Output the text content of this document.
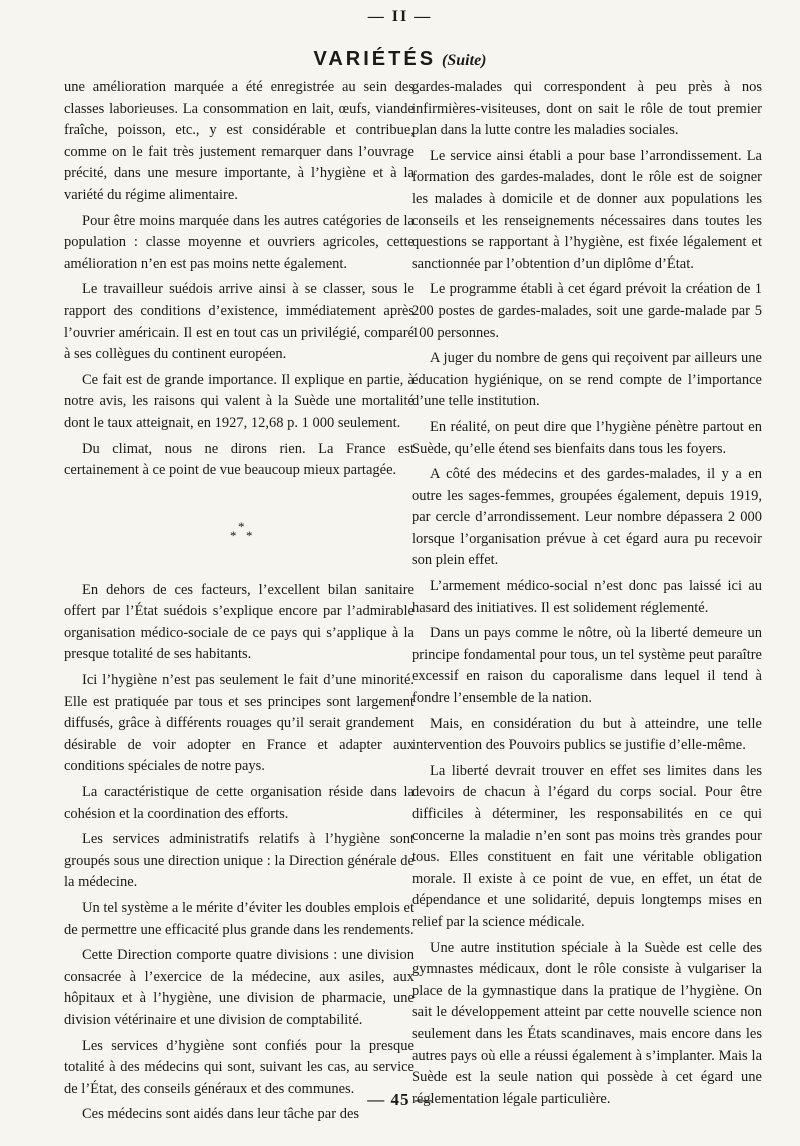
— II —
VARIÉTÉS (Suite)

une amélioration marquée a été enregistrée au sein des classes laborieuses. La consommation en lait, œufs, viande fraîche, poisson, etc., y est considérable et contribue, comme on le fait très justement remarquer dans l’ouvrage précité, dans une mesure importante, à l’hygiène et à la variété du régime alimentaire.

Pour être moins marquée dans les autres catégories de la population : classe moyenne et ouvriers agricoles, cette amélioration n’en est pas moins nette également.

Le travailleur suédois arrive ainsi à se classer, sous le rapport des conditions d’existence, immédiatement après l’ouvrier américain. Il est en tout cas un privilégié, comparé à ses collègues du continent européen.

Ce fait est de grande importance. Il explique en partie, à notre avis, les raisons qui valent à la Suède une mortalité dont le taux atteignait, en 1927, 12,68 p. 1 000 seulement.

Du climat, nous ne dirons rien. La France est certainement à ce point de vue beaucoup mieux partagée.

*
* *

En dehors de ces facteurs, l’excellent bilan sanitaire offert par l’État suédois s’explique encore par l’admirable organisation médico-sociale de ce pays qui s’applique à la presque totalité de ses habitants.

Ici l’hygiène n’est pas seulement le fait d’une minorité. Elle est pratiquée par tous et ses principes sont largement diffusés, grâce à différents rouages qu’il serait grandement désirable de voir adopter en France et adapter aux conditions spéciales de notre pays.

La caractéristique de cette organisation réside dans la cohésion et la coordination des efforts.

Les services administratifs relatifs à l’hygiène sont groupés sous une direction unique : la Direction générale de la médecine.

Un tel système a le mérite d’éviter les doubles emplois et de permettre une efficacité plus grande dans les rendements.

Cette Direction comporte quatre divisions : une division consacrée à l’exercice de la médecine, aux asiles, aux hôpitaux et à l’hygiène, une division de pharmacie, une division vétérinaire et une division de comptabilité.

Les services d’hygiène sont confiés pour la presque totalité à des médecins qui sont, suivant les cas, au service de l’État, des conseils généraux et des communes.

Ces médecins sont aidés dans leur tâche par des

gardes-malades qui correspondent à peu près à nos infirmières-visiteuses, dont on sait le rôle de tout premier plan dans la lutte contre les maladies sociales.

Le service ainsi établi a pour base l’arrondissement. La formation des gardes-malades, dont le rôle est de soigner les malades à domicile et de donner aux populations les conseils et les renseignements nécessaires dans toutes les questions se rapportant à l’hygiène, est fixée légalement et sanctionnée par l’obtention d’un diplôme d’État.

Le programme établi à cet égard prévoit la création de 1 200 postes de gardes-malades, soit une garde-malade par 5 100 personnes.

A juger du nombre de gens qui reçoivent par ailleurs une éducation hygiénique, on se rend compte de l’importance d’une telle institution.

En réalité, on peut dire que l’hygiène pénètre partout en Suède, qu’elle étend ses bienfaits dans tous les foyers.

A côté des médecins et des gardes-malades, il y a en outre les sages-femmes, groupées également, depuis 1919, par cercle d’arrondissement. Leur nombre dépassera 2 000 lorsque l’organisation prévue à cet égard aura pu recevoir son plein effet.

L’armement médico-social n’est donc pas laissé ici au hasard des initiatives. Il est solidement réglementé.

Dans un pays comme le nôtre, où la liberté demeure un principe fondamental pour tous, un tel système peut paraître excessif en raison du caporalisme dans lequel il tend à fondre l’ensemble de la nation.

Mais, en considération du but à atteindre, une telle intervention des Pouvoirs publics se justifie d’elle-même.

La liberté devrait trouver en effet ses limites dans les devoirs de chacun à l’égard du corps social. Pour être difficiles à déterminer, les responsabilités en ce qui concerne la maladie n’en sont pas moins très grandes pour tous. Elles constituent en fait une véritable obligation morale. Il existe à ce point de vue, en effet, un état de dépendance et une solidarité, depuis longtemps mises en relief par la science médicale.

Une autre institution spéciale à la Suède est celle des gymnastes médicaux, dont le rôle consiste à vulgariser la place de la gymnastique dans la pratique de l’hygiène. On sait le développement atteint par cette nouvelle science non seulement dans les États scandinaves, mais encore dans les autres pays où elle a réussi également à s’implanter. Mais la Suède est la seule nation qui possède à cet égard une réglementation légale particulière.

— 45 —
